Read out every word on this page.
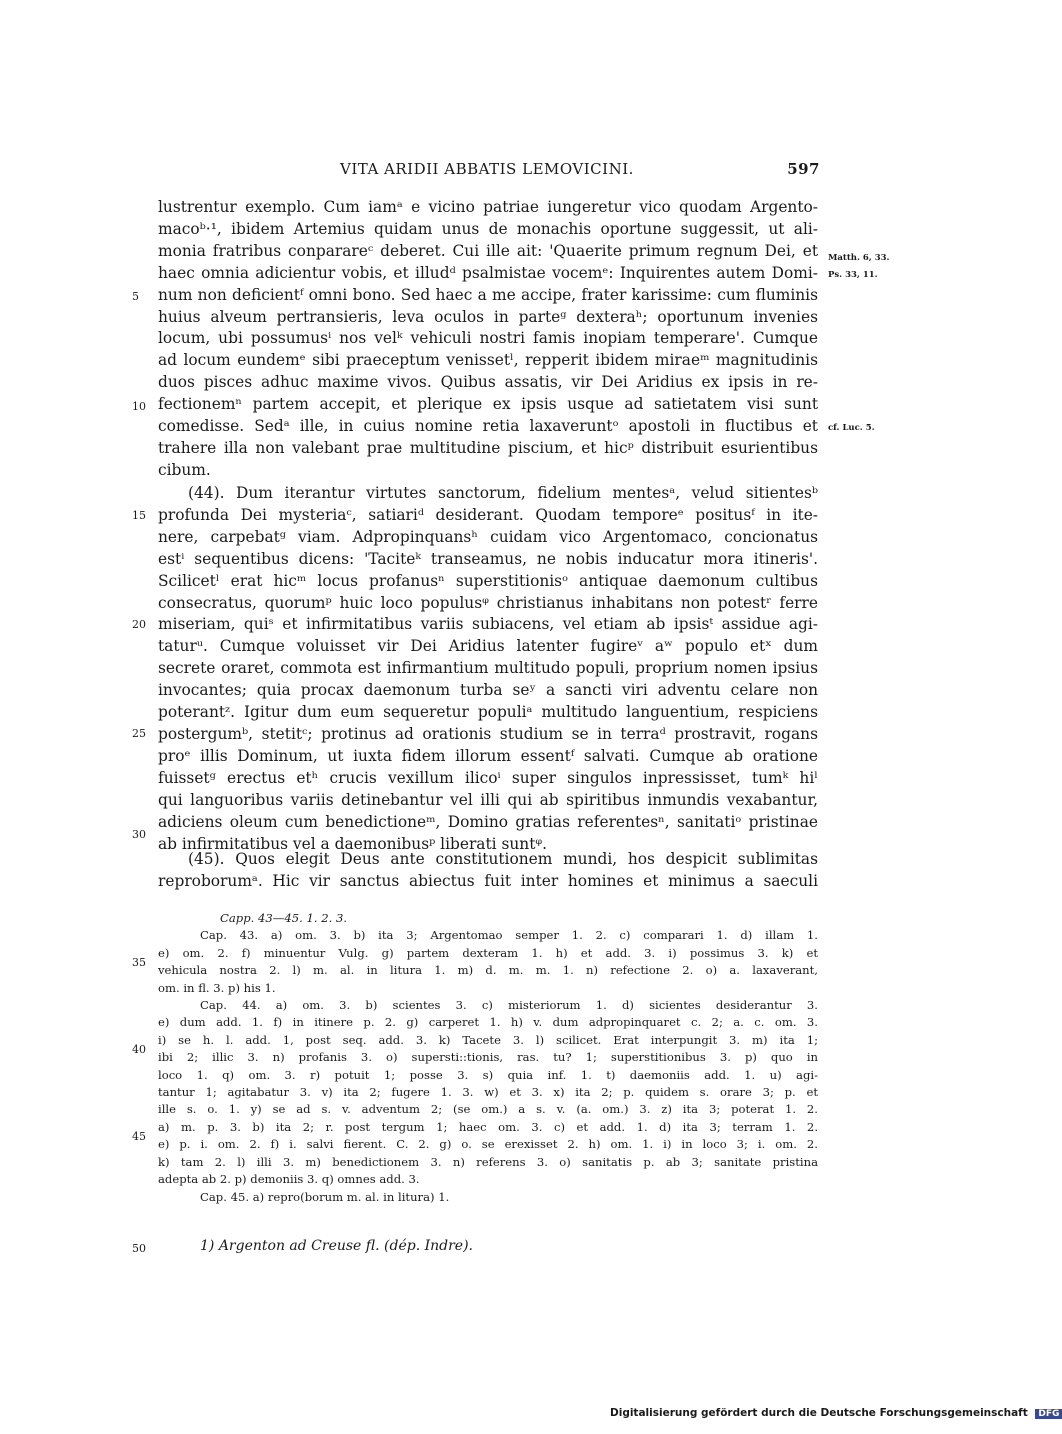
VITA ARIDII ABBATIS LEMOVICINI.	597
lustrentur exemplo. Cum iamᵃ e vicino patriae iungeretur vico quodam Argento-
macoᵇ·¹, ibidem Artemius quidam unus de monachis oportune suggessit, ut ali-
monia fratribus conparareᶜ deberet. Cui ille ait: 'Quaerite primum regnum Dei, et
haec omnia adicientur vobis, et illudᵈ psalmistae vocemᵉ: Inquirentes autem Domi-
num non deficientᶠ omni bono. Sed haec a me accipe, frater karissime: cum fluminis
huius alveum pertransieris, leva oculos in parteᵍ dexteraʰ; oportunum invenies
locum, ubi possumusⁱ nos velᵏ vehiculi nostri famis inopiam temperare'. Cumque
ad locum eundemᵉ sibi praeceptum venissetˡ, repperit ibidem miraeᵐ magnitudinis
duos pisces adhuc maxime vivos. Quibus assatis, vir Dei Aridius ex ipsis in re-
fectionemⁿ partem accepit, et plerique ex ipsis usque ad satietatem visi sunt
comedisse. Sedᵃ ille, in cuius nomine retia laxaveruntᵒ apostoli in fluctibus et
trahere illa non valebant prae multitudine piscium, et hicᵖ distribuit esurientibus
cibum.
(44). Dum iterantur virtutes sanctorum, fidelium mentesᵃ, velud sitientesᵇ
profunda Dei mysteriaᶜ, satiariᵈ desiderant. Quodam temporeᵉ positusᶠ in ite-
nere, carpebatᵍ viam. Adpropinquansʰ cuidam vico Argentomaco, concionatus
estⁱ sequentibus dicens: 'Taciteᵏ transeamus, ne nobis inducatur mora itineris'.
Scilicetˡ erat hicᵐ locus profanusⁿ superstitionisᵒ antiquae daemonum cultibus
consecratus, quorumᵖ huic loco populusᵠ christianus inhabitans non potestʳ ferre
miseriam, quiˢ et infirmitatibus variis subiacens, vel etiam ab ipsisᵗ assidue agi-
taturᵘ. Cumque voluisset vir Dei Aridius latenter fugireᵛ aʷ populo etˣ dum
secrete oraret, commota est infirmantium multitudo populi, proprium nomen ipsius
invocantes; quia procax daemonum turba seʸ a sancti viri adventu celare non
poterantᶻ. Igitur dum eum sequeretur populiᵃ multitudo languentium, respiciens
postergumᵇ, stetitᶜ; protinus ad orationis studium se in terraᵈ prostravit, rogans
proᵉ illis Dominum, ut iuxta fidem illorum essentᶠ salvati. Cumque ab oratione
fuissetᵍ erectus etʰ crucis vexillum ilicoⁱ super singulos inpressisset, tumᵏ hiˡ
qui languoribus variis detinebantur vel illi qui ab spiritibus inmundis vexabantur,
adiciens oleum cum benedictioneᵐ, Domino gratias referentesⁿ, sanitatiᵒ pristinae
ab infirmitatibus vel a daemonibusᵖ liberati suntᵠ.
(45). Quos elegit Deus ante constitutionem mundi, hos despicit sublimitas
reproborumᵃ. Hic vir sanctus abiectus fuit inter homines et minimus a saeculi
5
10
15
20
25
30
35
40
45
50
Matth. 6, 33.
Ps. 33, 11.
cf. Luc. 5.
Capp. 43—45. 1. 2. 3.
Cap. 43. a) om. 3. b) ita 3; Argentomao semper 1. 2. c) comparari 1. d) illam 1.
e) om. 2. f) minuentur Vulg. g) partem dexteram 1. h) et add. 3. i) possimus 3. k) et
vehicula nostra 2. l) m. al. in litura 1. m) d. m. m. 1. n) refectione 2. o) a. laxaverant,
om. in fl. 3. p) his 1.
Cap. 44. a) om. 3. b) scientes 3. c) misteriorum 1. d) sicientes desiderantur 3.
e) dum add. 1. f) in itinere p. 2. g) carperet 1. h) v. dum adpropinquaret c. 2; a. c. om. 3.
i) se h. l. add. 1, post seq. add. 3. k) Tacete 3. l) scilicet. Erat interpungit 3. m) ita 1;
ibi 2; illic 3. n) profanis 3. o) supersti::tionis, ras. tu? 1; superstitionibus 3. p) quo in
loco 1. q) om. 3. r) potuit 1; posse 3. s) quia inf. 1. t) daemoniis add. 1. u) agi-
tantur 1; agitabatur 3. v) ita 2; fugere 1. 3. w) et 3. x) ita 2; p. quidem s. orare 3; p. et
ille s. o. 1. y) se ad s. v. adventum 2; (se om.) a s. v. (a. om.) 3. z) ita 3; poterat 1. 2.
a) m. p. 3. b) ita 2; r. post tergum 1; haec om. 3. c) et add. 1. d) ita 3; terram 1. 2.
e) p. i. om. 2. f) i. salvi fierent. C. 2. g) o. se erexisset 2. h) om. 1. i) in loco 3; i. om. 2.
k) tam 2. l) illi 3. m) benedictionem 3. n) referens 3. o) sanitatis p. ab 3; sanitate pristina
adepta ab 2. p) demoniis 3. q) omnes add. 3.
Cap. 45. a) repro(borum m. al. in litura) 1.
1) Argenton ad Creuse fl. (dép. Indre).
Digitalisierung gefördert durch die Deutsche Forschungsgemeinschaft DFG
